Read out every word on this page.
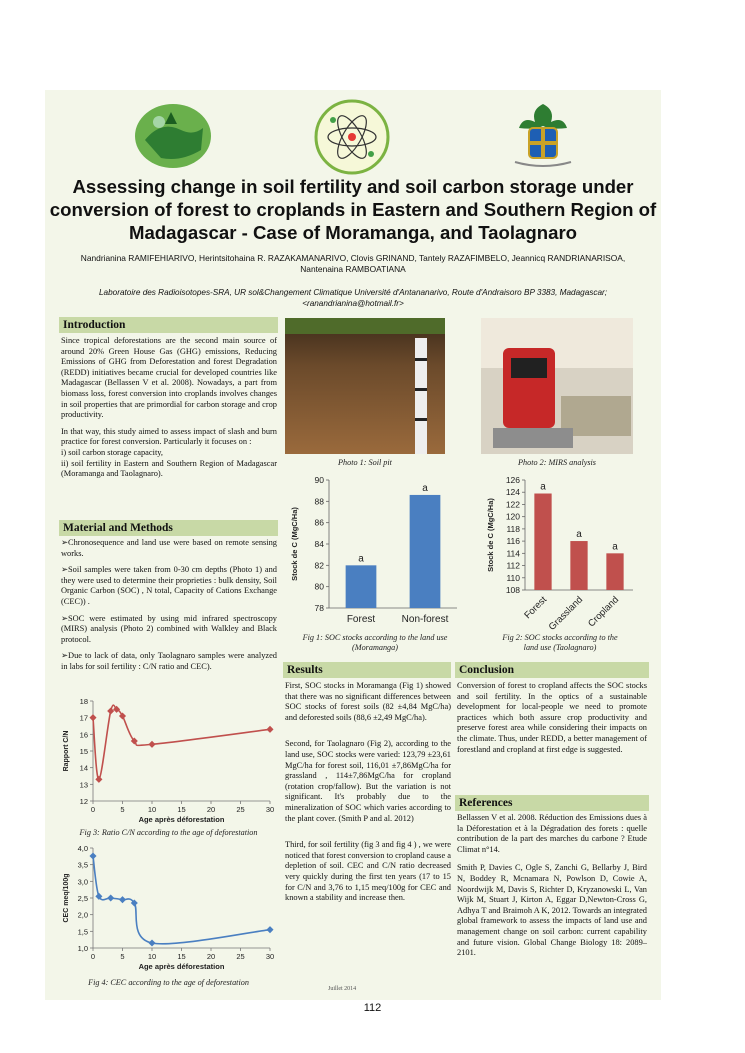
Assessing change in soil fertility and soil carbon storage under conversion of forest to croplands in Eastern and Southern Region of Madagascar - Case of Moramanga, and Taolagnaro
Nandrianina RAMIFEHIARIVO, Herintsitohaina R. RAZAKAMANARIVO, Clovis GRINAND, Tantely RAZAFIMBELO, Jeannicq RANDRIANARISOA, Nantenaina RAMBOATIANA
Laboratoire des Radioisotopes-SRA, UR sol&Changement Climatique Université d'Antananarivo, Route d'Andraisoro BP 3383, Madagascar; <ranandrianina@hotmail.fr>
Introduction

Since tropical deforestations are the second main source of around 20% Green House Gas (GHG) emissions, Reducing Emissions of GHG from Deforestation and forest Degradation (REDD) initiatives became crucial for developed countries like Madagascar (Bellassen V et al. 2008). Nowadays, a part from biomass loss, forest conversion into croplands involves changes in soil properties that are primordial for carbon storage and crop productivity.

In that way, this study aimed to assess impact of slash and burn practice for forest conversion. Particularly it focuses on :

i) soil carbon storage capacity,

ii) soil fertility in Eastern and Southern Region of Madagascar (Moramanga and Taolagnaro).

Material and Methods

➢Chronosequence and land use were based on remote sensing works.

➢Soil samples were taken from 0-30 cm depths (Photo 1) and they were used to determine their proprieties : bulk density, Soil Organic Carbon (SOC) , N total, Capacity of Cations Exchange (CEC)) .

➢SOC were estimated by using mid infrared spectroscopy (MIRS) analysis (Photo 2) combined with Walkley and Black protocol.

➢Due to lack of data, only Taolagnaro samples were analyzed in labs for soil fertility : C/N ratio and CEC).

12
13
14
15
16
17
18
0	5	10	15	20	25	30
Age après déforestation
Rapport C/N
Fig 3: Ratio C/N according to the age of deforestation
1,0
1,5
2,0
2,5
3,0
3,5
4,0
0	5	10	15	20	25	30
Age après déforestation
CEC meq/100g
Fig 4: CEC according to the age of deforestation
Photo 1: Soil pit	Photo 2: MIRS analysis
78
80
82
84
86
88
90
Stock de C (MgC/Ha)	a
Forest
a
Non-forest
Fig 1: SOC stocks according to the land use (Moramanga)
108
110
112
114
116
118
120
122
124
126
Stock de C (MgC/Ha)
a
Forest
a
Grassland
a
Cropland
Fig 2: SOC stocks according to the land use (Taolagnaro)
Results

First, SOC stocks in Moramanga (Fig 1) showed that there was no significant differences between SOC stocks of forest soils (82 ±4,84 MgC/ha) and deforested soils (88,6 ±2,49 MgC/ha).

Second, for Taolagnaro (Fig 2), according to the land use, SOC stocks were varied: 123,79 ±23,61 MgC/ha for forest soil, 116,01 ±7,86MgC/ha for grassland , 114±7,86MgC/ha for cropland (rotation crop/fallow). But the variation is not significant. It's probably due to the mineralization of SOC which varies according to the plant cover. (Smith P and al. 2012)

Third, for soil fertility (fig 3 and fig 4 ) , we were noticed that forest conversion to cropland cause a depletion of soil. CEC and C/N ratio decreased very quickly during the first ten years (17 to 15 for C/N and 3,76 to 1,15 meq/100g for CEC and known a stability and increase then.

Conclusion
Conversion of forest to cropland affects the SOC stocks and soil fertility. In the optics of a sustainable development for local-people we need to promote practices which both assure crop productivity and preserve forest area while considering their impacts on the climate. Thus, under REDD, a better management of forestland and cropland at first edge is suggested.
References

Bellassen V et al. 2008. Réduction des Emissions dues à la Déforestation et à la Dégradation des forets : quelle contribution de la part des marches du carbone ? Etude Climat n°14.

Smith P, Davies C, Ogle S, Zanchi G, Bellarby J, Bird N, Boddey R, Mcnamara N, Powlson D, Cowie A, Noordwijk M, Davis S, Richter D, Kryzanowski L, Van Wijk M, Stuart J, Kirton A, Eggar D,Newton-Cross G, Adhya T and Braimoh A K, 2012. Towards an integrated global framework to assess the impacts of land use and management change on soil carbon: current capability and future vision. Global Change Biology 18: 2089–2101.

Juillet 2014
112
